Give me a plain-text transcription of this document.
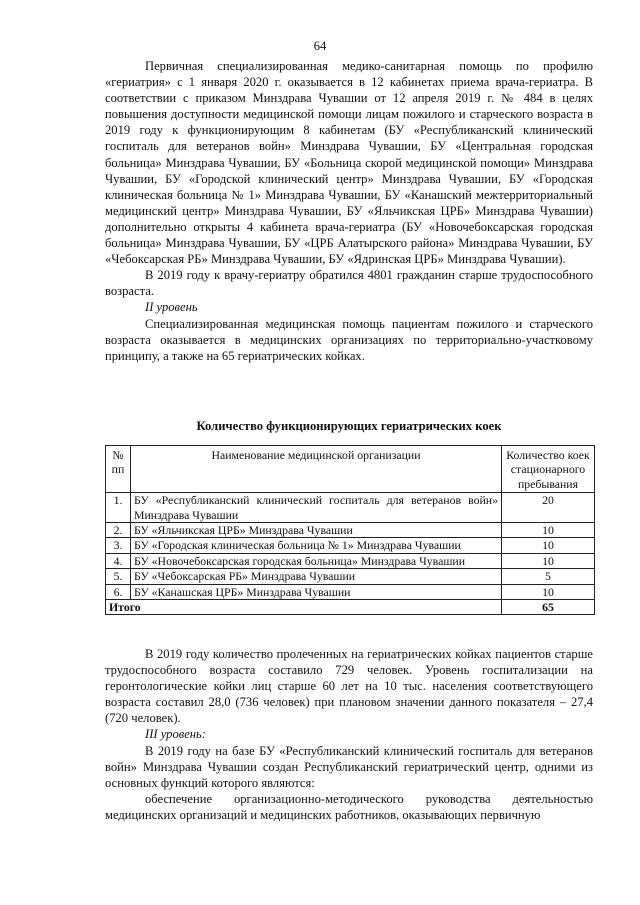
64

Первичная специализированная медико-санитарная помощь по профилю «гериатрия» с 1 января 2020 г. оказывается в 12 кабинетах приема врача-гериатра. В соответствии с приказом Минздрава Чувашии от 12 апреля 2019 г. № 484 в целях повышения доступности медицинской помощи лицам пожилого и старческого возраста в 2019 году к функционирующим 8 кабинетам (БУ «Республиканский клинический госпиталь для ветеранов войн» Минздрава Чувашии, БУ «Центральная городская больница» Минздрава Чувашии, БУ «Больница скорой медицинской помощи» Минздрава Чувашии, БУ «Городской клинический центр» Минздрава Чувашии, БУ «Городская клиническая больница № 1» Минздрава Чувашии, БУ «Канашский межтерриториальный медицинский центр» Минздрава Чувашии, БУ «Яльчикская ЦРБ» Минздрава Чувашии) дополнительно открыты 4 кабинета врача-гериатра (БУ «Новочебоксарская городская больница» Минздрава Чувашии, БУ «ЦРБ Алатырского района» Минздрава Чувашии, БУ «Чебоксарская РБ» Минздрава Чувашии, БУ «Ядринская ЦРБ» Минздрава Чувашии).

В 2019 году к врачу-гериатру обратился 4801 гражданин старше трудоспособного возраста.

II уровень

Специализированная медицинская помощь пациентам пожилого и старческого возраста оказывается в медицинских организациях по территориально-участковому принципу, а также на 65 гериатрических койках.

Количество функционирующих гериатрических коек
№ пп	Наименование медицинской организации	Количество коек стационарного пребывания
1.	БУ «Республиканский клинический госпиталь для ветеранов войн» Минздрава Чувашии	20
2.	БУ «Яльчикская ЦРБ» Минздрава Чувашии	10
3.	БУ «Городская клиническая больница № 1» Минздрава Чувашии	10
4.	БУ «Новочебоксарская городская больница» Минздрава Чувашии	10
5.	БУ «Чебоксарская РБ» Минздрава Чувашии	5
6.	БУ «Канашская ЦРБ» Минздрава Чувашии	10
Итого		65

В 2019 году количество пролеченных на гериатрических койках пациентов старше трудоспособного возраста составило 729 человек. Уровень госпитализации на геронтологические койки лиц старше 60 лет на 10 тыс. населения соответствующего возраста составил 28,0 (736 человек) при плановом значении данного показателя – 27,4 (720 человек).

III уровень:

В 2019 году на базе БУ «Республиканский клинический госпиталь для ветеранов войн» Минздрава Чувашии создан Республиканский гериатрический центр, одними из основных функций которого являются:

обеспечение организационно-методического руководства деятельностью медицинских организаций и медицинских работников, оказывающих первичную
